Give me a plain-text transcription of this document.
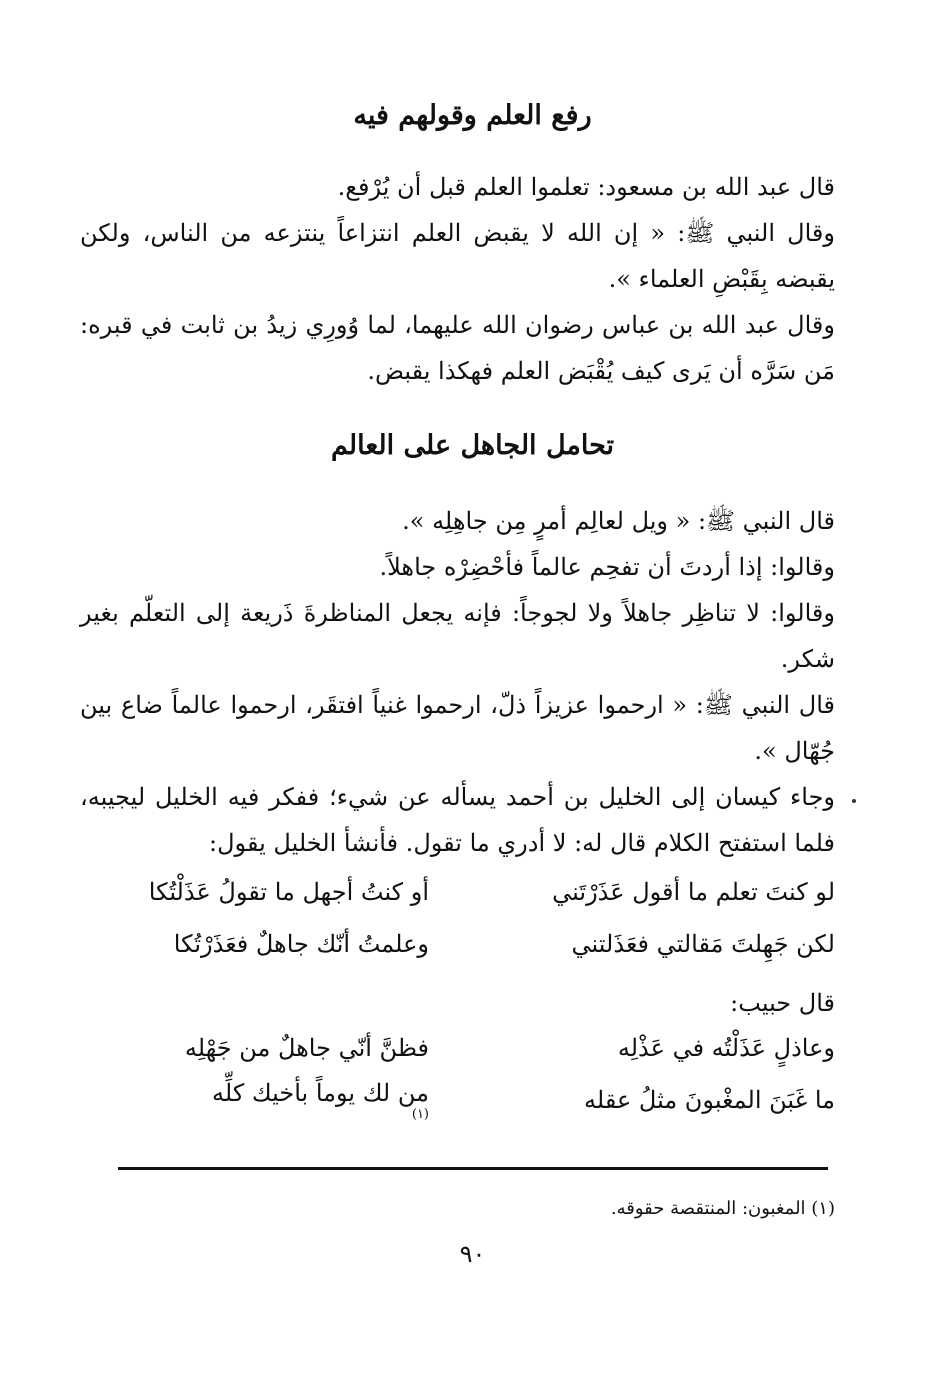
رفع العلم وقولهم فيه

قال عبد الله بن مسعود: تعلموا العلم قبل أن يُرْفع.

وقال النبي ﷺ: « إن الله لا يقبض العلم انتزاعاً ينتزعه من الناس، ولكن يقبضه بِقَبْضِ العلماء ».

وقال عبد الله بن عباس رضوان الله عليهما، لما وُورِي زيدُ بن ثابت في قبره: مَن سَرَّه أن يَرى كيف يُقْبَض العلم فهكذا يقبض.

تحامل الجاهل على العالم

قال النبي ﷺ: « ويل لعالِم أمرٍ مِن جاهِلِه ».

وقالوا: إذا أردتَ أن تفحِم عالماً فأحْضِرْه جاهلاً.

وقالوا: لا تناظِر جاهلاً ولا لجوجاً: فإنه يجعل المناظرةَ ذَريعة إلى التعلّم بغير شكر.

قال النبي ﷺ: « ارحموا عزيزاً ذلّ، ارحموا غنياً افتقَر، ارحموا عالماً ضاع بين جُهّال ».

وجاء كيسان إلى الخليل بن أحمد يسأله عن شيء؛ ففكر فيه الخليل ليجيبه، فلما استفتح الكلام قال له: لا أدري ما تقول. فأنشأ الخليل يقول:

لو كنتَ تعلم ما أقول عَذَرْتَني
أو كنتُ أجهل ما تقولُ عَذَلْتُكا
لكن جَهِلتَ مَقالتي فعَذَلتني
وعلمتُ أنّك جاهلٌ فعَذَرْتُكا

قال حبيب:

وعاذلٍ عَذَلْتُه في عَذْلِه
فظنَّ أنّي جاهلٌ من جَهْلِه
ما غَبَنَ المغْبونَ مثلُ عقله
من لك يوماً بأخيك كلِّه
(١)

(١) المغبون: المنتقصة حقوقه.

٩٠
